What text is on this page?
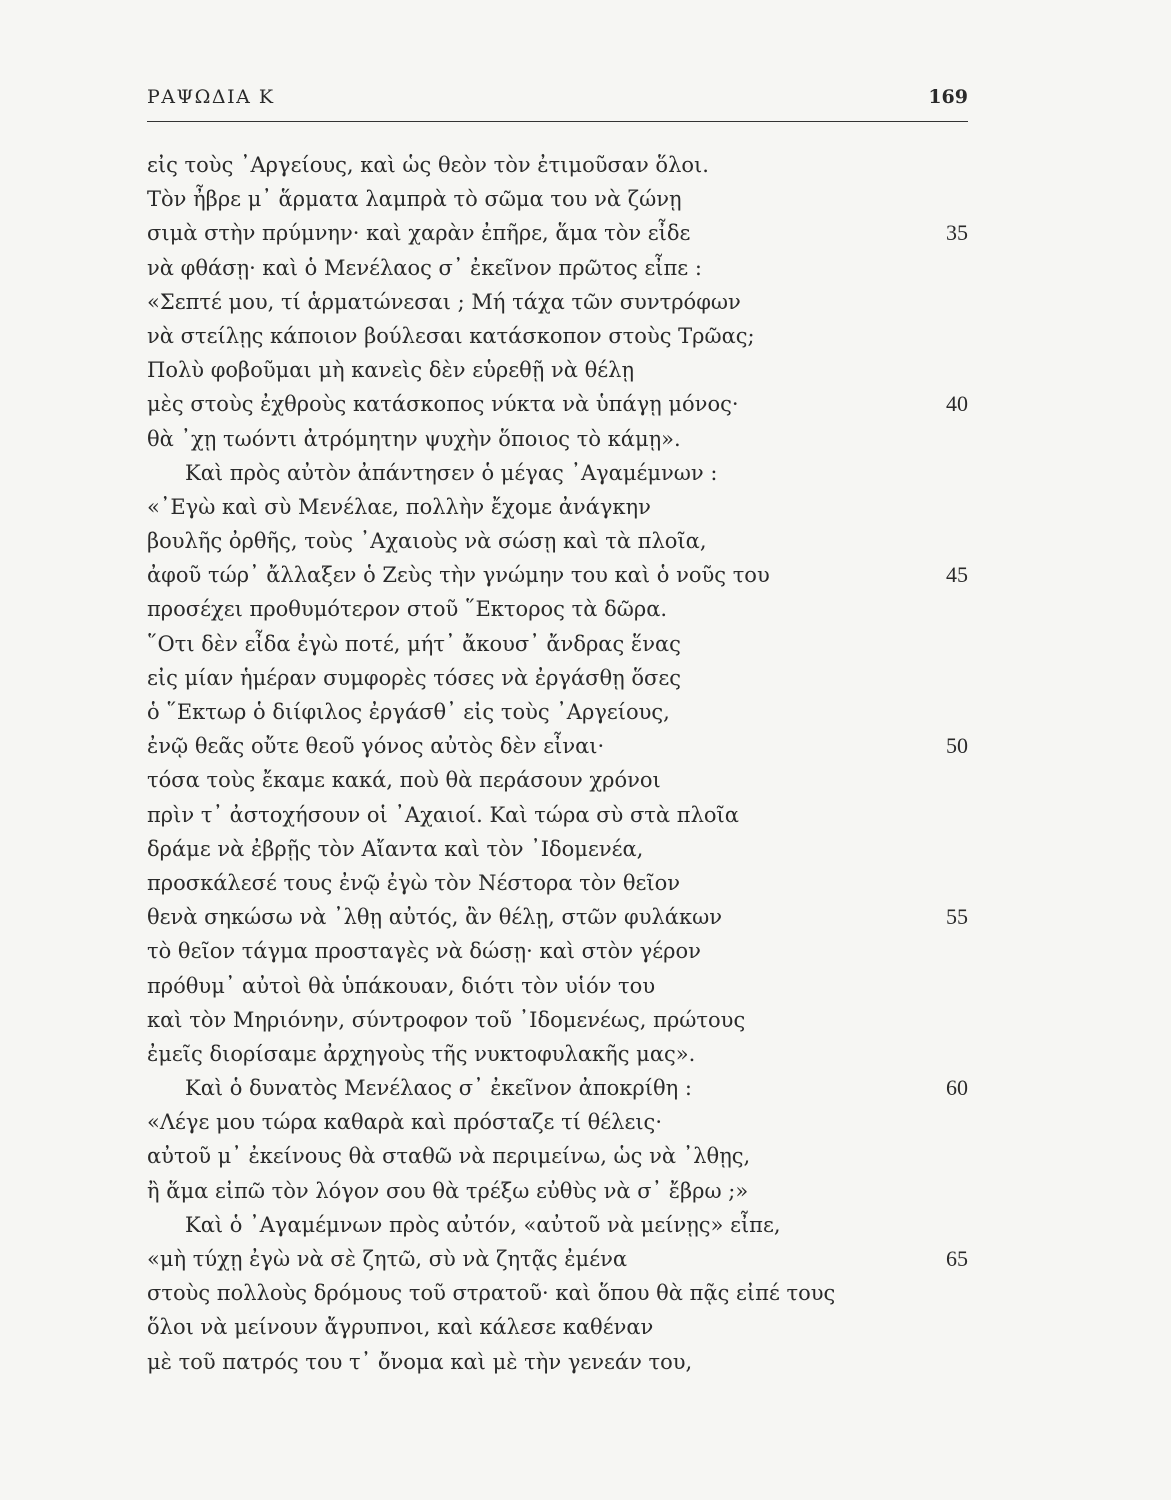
ΡΑΨΩΔΙΑ Κ	169
εἰς τοὺς ᾿Αργείους, καὶ ὡς θεὸν τὸν ἐτιμοῦσαν ὅλοι.
Τὸν ἦβρε μ᾿ ἅρματα λαμπρὰ τὸ σῶμα του νὰ ζώνῃ
σιμὰ στὴν πρύμνην· καὶ χαρὰν ἐπῆρε, ἅμα τὸν εἶδε	35
νὰ φθάσῃ· καὶ ὁ Μενέλαος σ᾿ ἐκεῖνον πρῶτος εἶπε :
«Σεπτέ μου, τί ἁρματώνεσαι ; Μή τάχα τῶν συντρόφων
νὰ στείλῃς κάποιον βούλεσαι κατάσκοπον στοὺς Τρῶας;
Πολὺ φοβοῦμαι μὴ κανεὶς δὲν εὑρεθῇ νὰ θέλῃ
μὲς στοὺς ἐχθροὺς κατάσκοπος νύκτα νὰ ὑπάγῃ μόνος·	40
θὰ ᾿χῃ τωόντι ἀτρόμητην ψυχὴν ὅποιος τὸ κάμῃ».
Καὶ πρὸς αὐτὸν ἀπάντησεν ὁ μέγας ᾿Αγαμέμνων :
«᾿Εγὼ καὶ σὺ Μενέλαε, πολλὴν ἔχομε ἀνάγκην
βουλῆς ὀρθῆς, τοὺς ᾿Αχαιοὺς νὰ σώσῃ καὶ τὰ πλοῖα,
ἀφοῦ τώρ᾿ ἄλλαξεν ὁ Ζεὺς τὴν γνώμην του καὶ ὁ νοῦς του	45
προσέχει προθυμότερον στοῦ ῞Εκτορος τὰ δῶρα.
῞Οτι δὲν εἶδα ἐγὼ ποτέ, μήτ᾿ ἄκουσ᾿ ἄνδρας ἕνας
εἰς μίαν ἡμέραν συμφορὲς τόσες νὰ ἐργάσθῃ ὅσες
ὁ ῞Εκτωρ ὁ διίφιλος ἐργάσθ᾿ εἰς τοὺς ᾿Αργείους,
ἐνῷ θεᾶς οὔτε θεοῦ γόνος αὐτὸς δὲν εἶναι·	50
τόσα τοὺς ἔκαμε κακά, ποὺ θὰ περάσουν χρόνοι
πρὶν τ᾿ ἀστοχήσουν οἱ ᾿Αχαιοί. Καὶ τώρα σὺ στὰ πλοῖα
δράμε νὰ ἐβρῇς τὸν Αἴαντα καὶ τὸν ᾿Ιδομενέα,
προσκάλεσέ τους ἐνῷ ἐγὼ τὸν Νέστορα τὸν θεῖον
θενὰ σηκώσω νὰ ᾿λθῃ αὐτός, ἂν θέλῃ, στῶν φυλάκων	55
τὸ θεῖον τάγμα προσταγὲς νὰ δώσῃ· καὶ στὸν γέρον
πρόθυμ᾿ αὐτοὶ θὰ ὑπάκουαν, διότι τὸν υἱόν του
καὶ τὸν Μηριόνην, σύντροφον τοῦ ᾿Ιδομενέως, πρώτους
ἐμεῖς διορίσαμε ἀρχηγοὺς τῆς νυκτοφυλακῆς μας».
Καὶ ὁ δυνατὸς Μενέλαος σ᾿ ἐκεῖνον ἀποκρίθη :	60
«Λέγε μου τώρα καθαρὰ καὶ πρόσταζε τί θέλεις·
αὐτοῦ μ᾿ ἐκείνους θὰ σταθῶ νὰ περιμείνω, ὡς νὰ ᾿λθῃς,
ἢ ἅμα εἰπῶ τὸν λόγον σου θὰ τρέξω εὐθὺς νὰ σ᾿ ἔβρω ;»
Καὶ ὁ ᾿Αγαμέμνων πρὸς αὐτόν, «αὐτοῦ νὰ μείνῃς» εἶπε,
«μὴ τύχῃ ἐγὼ νὰ σὲ ζητῶ, σὺ νὰ ζητᾷς ἐμένα	65
στοὺς πολλοὺς δρόμους τοῦ στρατοῦ· καὶ ὅπου θὰ πᾷς εἰπέ τους
ὅλοι νὰ μείνουν ἄγρυπνοι, καὶ κάλεσε καθέναν
μὲ τοῦ πατρός του τ᾿ ὄνομα καὶ μὲ τὴν γενεάν του,
